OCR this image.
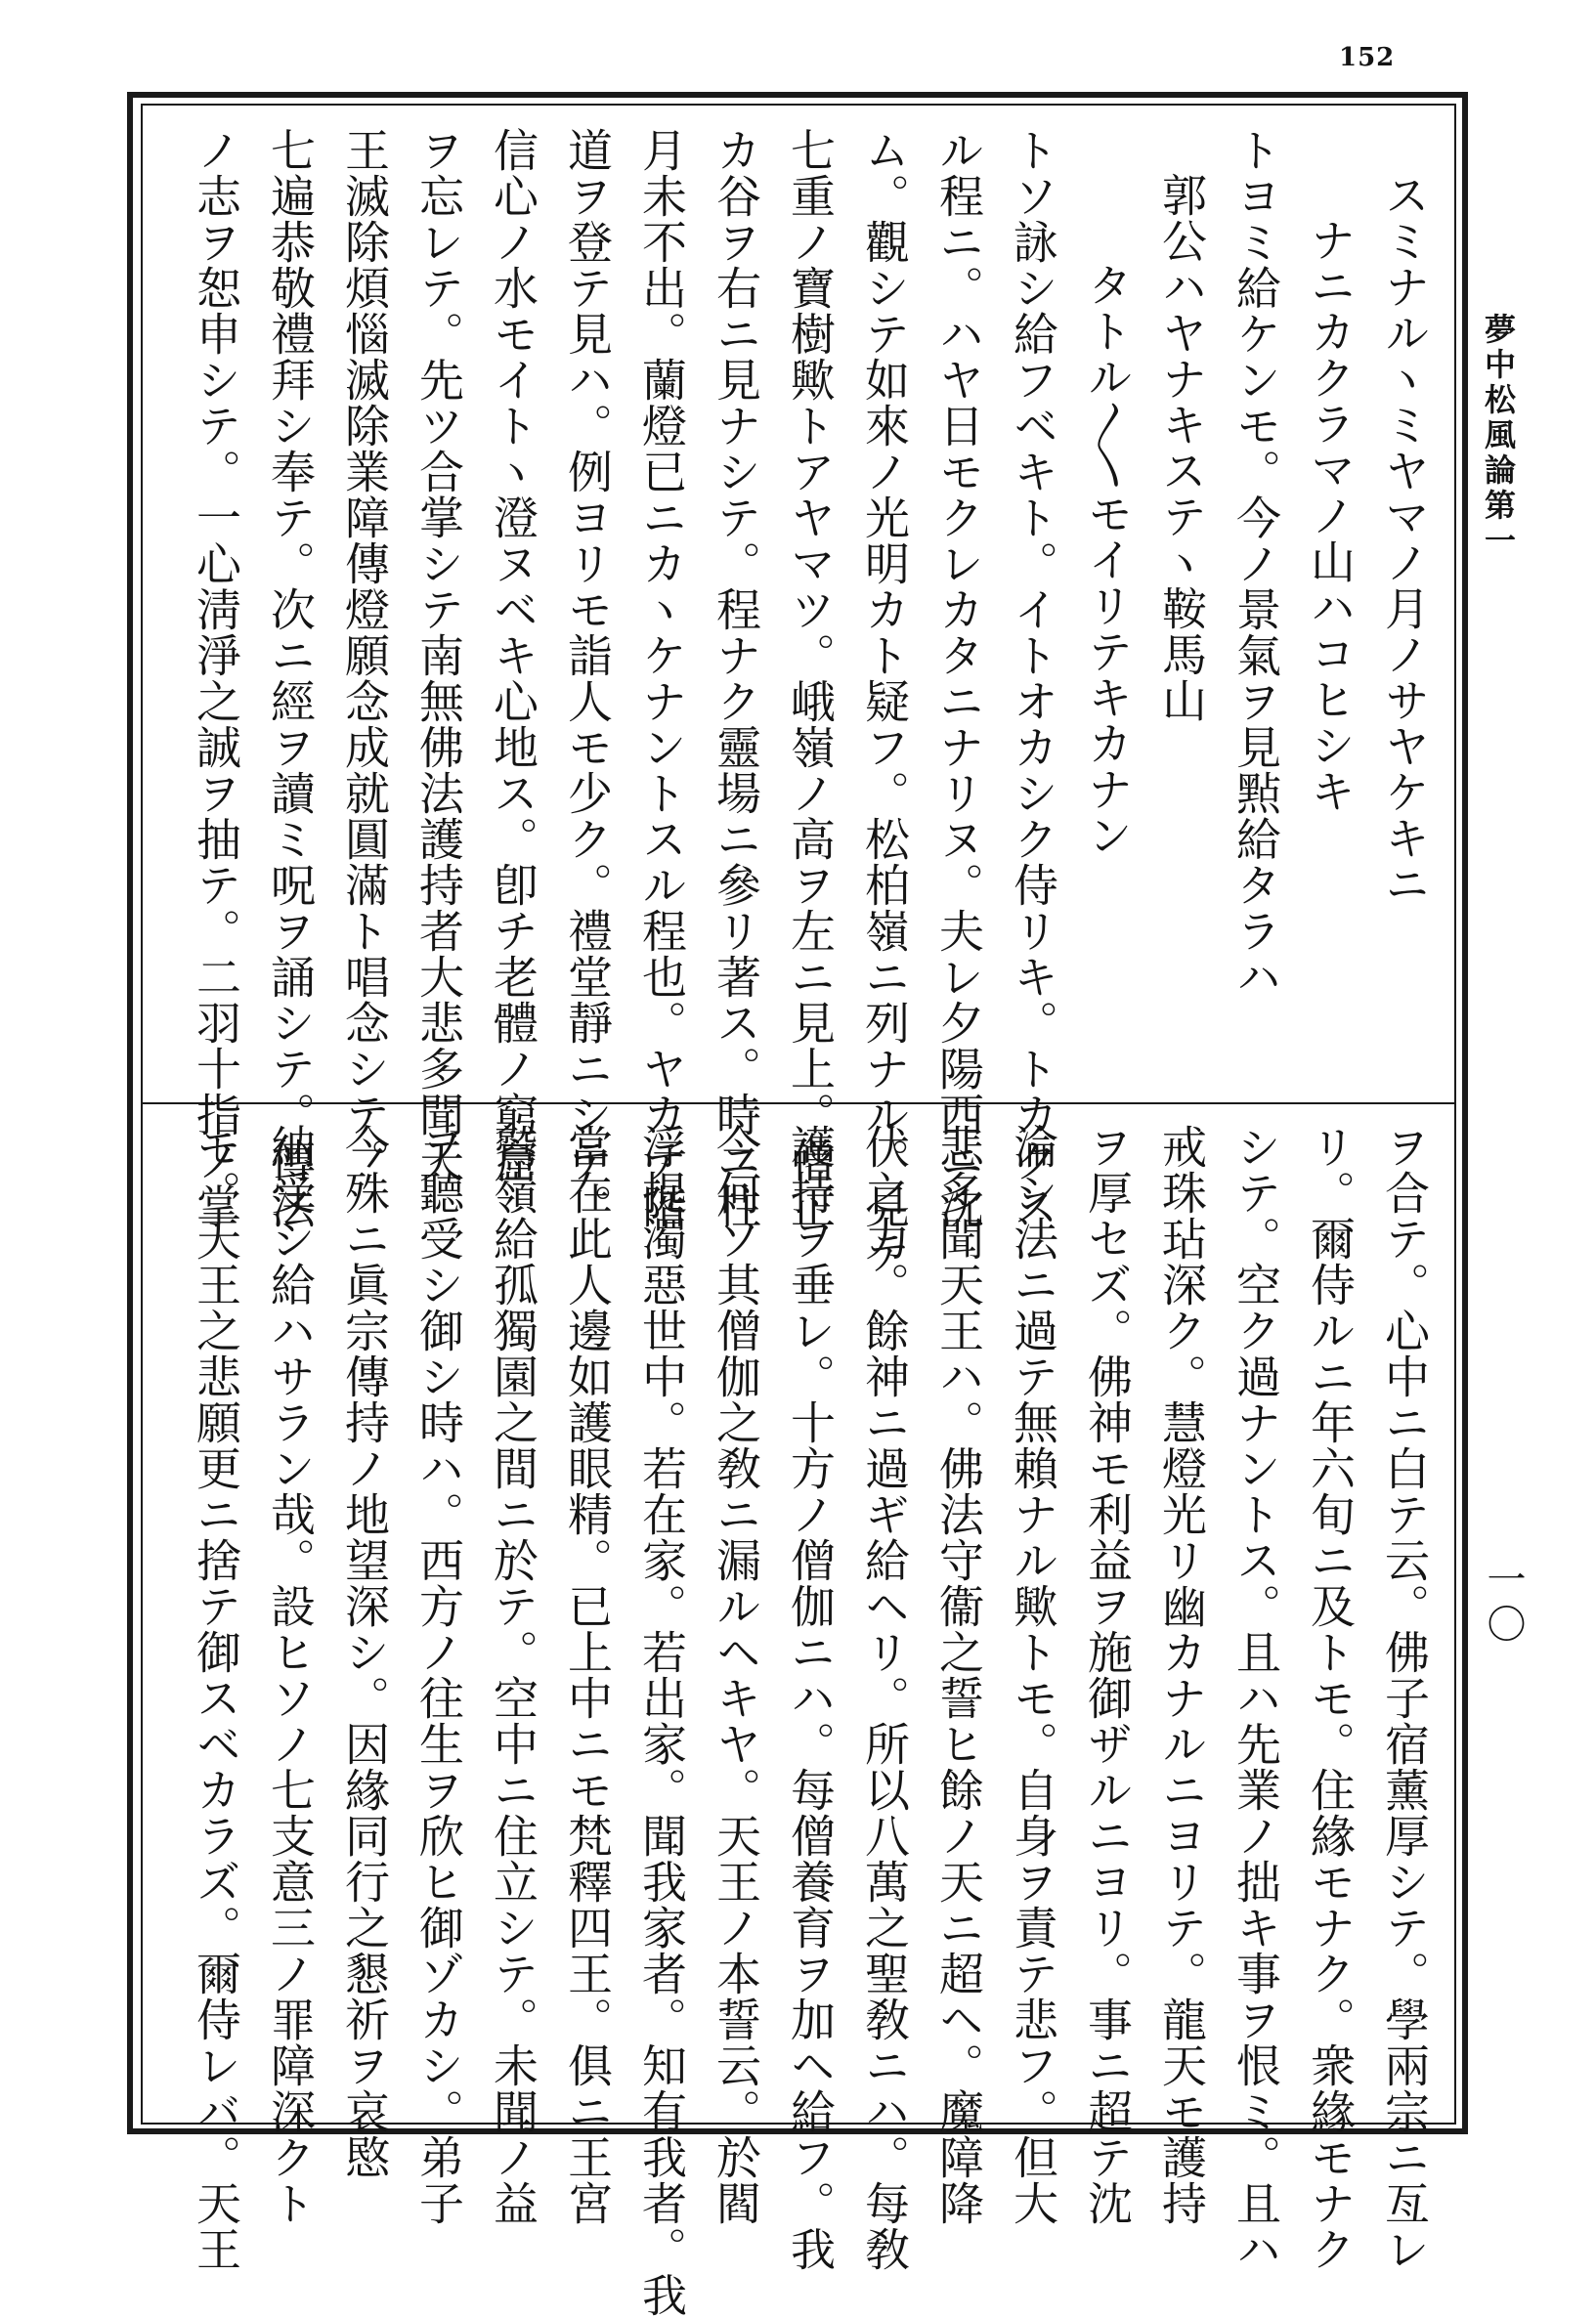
152
夢中松風論第一
一〇
スミナルヽミヤマノ月ノサヤケキニ
ナニカクラマノ山ハコヒシキ
トヨミ給ケンモ。今ノ景氣ヲ見㸃給タラハ
郭公ハヤナキステヽ鞍馬山
タトル〳〵モイリテキカナン
トソ詠シ給フベキト。イトオカシク侍リキ。トカクス
ル程ニ。ハヤ日モクレカタニナリヌ。夫レ夕陽西ニ沈
ム。觀シテ如來ノ光明カト疑フ。松柏嶺ニ列ナル。見テ
七重ノ寶樹歟トアヤマツ。峨嶺ノ高ヲ左ニ見上。僧正
カ谷ヲ右ニ見ナシテ。程ナク靈場ニ參リ著ス。時ニ柱
月未不出。蘭燈已ニカヽケナントスル程也。ヤカテ階
道ヲ登テ見ハ。例ヨリモ詣人モ少ク。禮堂靜ニシテ。
信心ノ水モイトヽ澄ヌベキ心地ス。卽チ老體ノ窮窟
ヲ忘レテ。先ツ合掌シテ南無佛法護持者大悲多聞天
王滅除煩惱滅除業障傳燈願念成就圓滿ト唱念シテ。
七遍恭敬禮拜シ奉テ。次ニ經ヲ讀ミ呪ヲ誦シテ。傳法
ノ志ヲ恕申シテ。一心淸淨之誠ヲ抽テ。二羽十指ノ掌
ヲ合テ。心中ニ白テ云。佛子宿薰厚シテ。學兩宗ニ亙レ
リ。爾侍ルニ年六旬ニ及トモ。住緣モナク。衆緣モナク
シテ。空ク過ナントス。且ハ先業ノ拙キ事ヲ恨ミ。且ハ
戒珠玷深ク。慧燈光リ幽カナルニヨリテ。龍天モ護持
ヲ厚セズ。佛神モ利益ヲ施御ザルニヨリ。事ニ超テ沈
淪シ法ニ過テ無賴ナル歟トモ。自身ヲ責テ悲フ。但大
悲多聞天王ハ。佛法守衞之誓ヒ餘ノ天ニ超ヘ。魔障降
伏之力。餘神ニ過ギ給ヘリ。所以八萬之聖敎ニハ。每敎
護持ヲ垂レ。十方ノ僧伽ニハ。每僧養育ヲ加ヘ給フ。我
今何ソ其僧伽之敎ニ漏ルヘキヤ。天王ノ本誓云。於閻
浮提濁惡世中。若在家。若出家。聞我家者。知有我者。我
當在此人邊如護眼精。已上中ニモ梵釋四王。俱ニ王宮
鷲嶺給孤獨園之間ニ於テ。空中ニ住立シテ。未聞ノ益
ヲ聽受シ御シ時ハ。西方ノ往生ヲ欣ヒ御ゾカシ。弟子
今殊ニ眞宗傳持ノ地望深シ。因緣同行之懇祈ヲ哀愍
納受シ給ハサラン哉。設ヒソノ七支意三ノ罪障深クト
モ。天王之悲願更ニ捨テ御スベカラズ。爾侍レバ。天王
